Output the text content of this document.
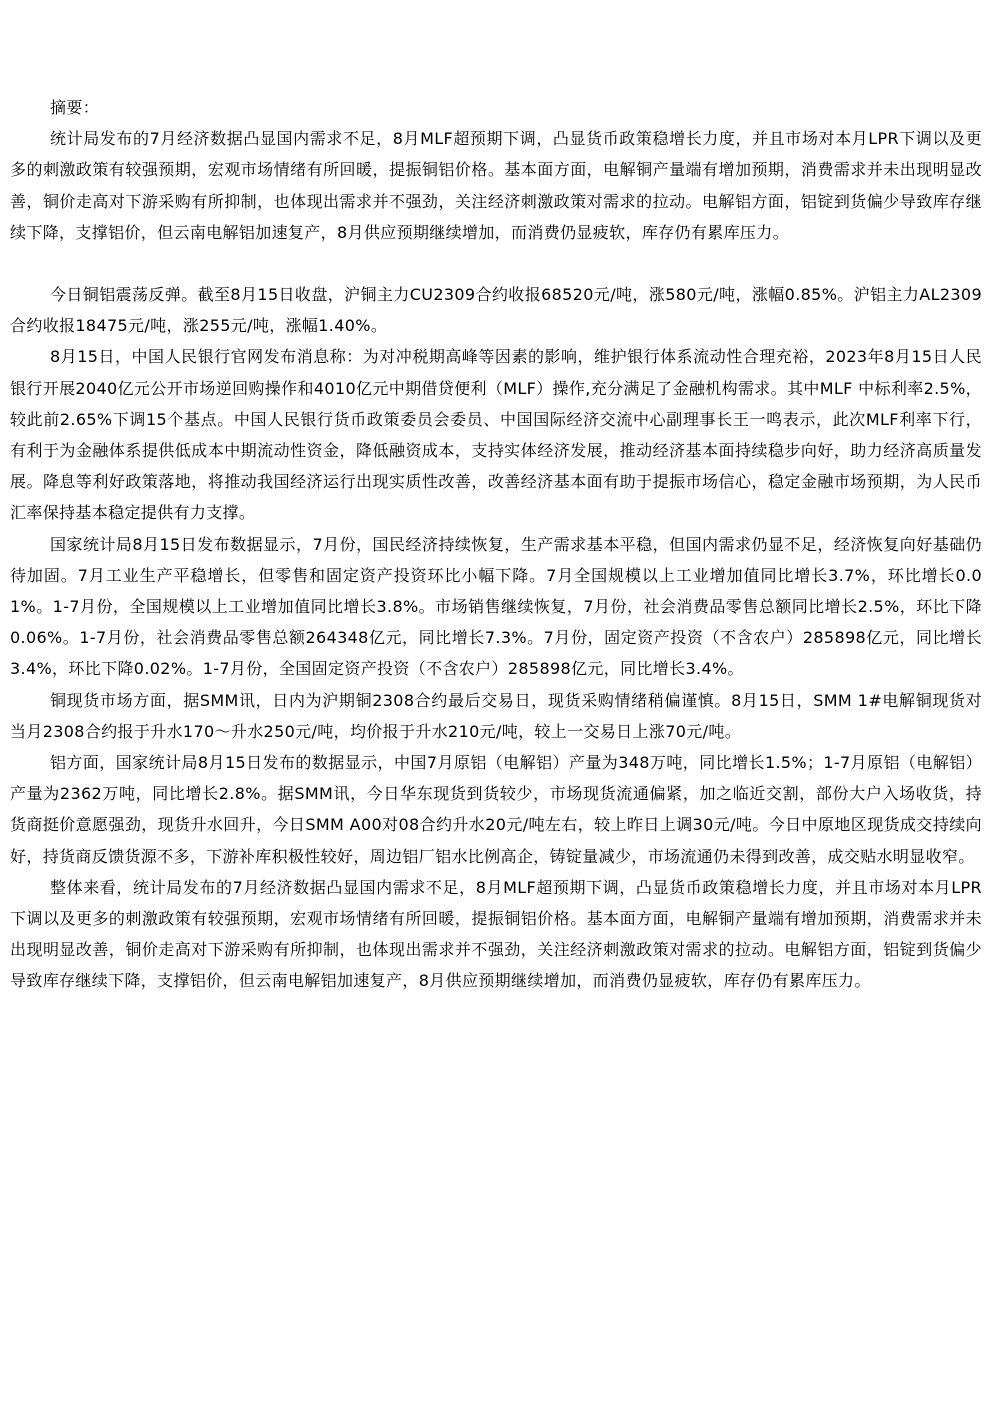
摘要：

统计局发布的7月经济数据凸显国内需求不足，8月MLF超预期下调，凸显货币政策稳增长力度，并且市场对本月LPR下调以及更多的刺激政策有较强预期，宏观市场情绪有所回暖，提振铜铝价格。基本面方面，电解铜产量端有增加预期，消费需求并未出现明显改善，铜价走高对下游采购有所抑制，也体现出需求并不强劲，关注经济刺激政策对需求的拉动。电解铝方面，铝锭到货偏少导致库存继续下降，支撑铝价，但云南电解铝加速复产，8月供应预期继续增加，而消费仍显疲软，库存仍有累库压力。

今日铜铝震荡反弹。截至8月15日收盘，沪铜主力CU2309合约收报68520元/吨，涨580元/吨，涨幅0.85%。沪铝主力AL2309合约收报18475元/吨，涨255元/吨，涨幅1.40%。

8月15日，中国人民银行官网发布消息称：为对冲税期高峰等因素的影响，维护银行体系流动性合理充裕，2023年8月15日人民银行开展2040亿元公开市场逆回购操作和4010亿元中期借贷便利（MLF）操作,充分满足了金融机构需求。其中MLF 中标利率2.5%，较此前2.65%下调15个基点。中国人民银行货币政策委员会委员、中国国际经济交流中心副理事长王一鸣表示，此次MLF利率下行，有利于为金融体系提供低成本中期流动性资金，降低融资成本，支持实体经济发展，推动经济基本面持续稳步向好，助力经济高质量发展。降息等利好政策落地，将推动我国经济运行出现实质性改善，改善经济基本面有助于提振市场信心，稳定金融市场预期，为人民币汇率保持基本稳定提供有力支撑。

国家统计局8月15日发布数据显示，7月份，国民经济持续恢复，生产需求基本平稳，但国内需求仍显不足，经济恢复向好基础仍待加固。7月工业生产平稳增长，但零售和固定资产投资环比小幅下降。7月全国规模以上工业增加值同比增长3.7%，环比增长0.01%。1-7月份，全国规模以上工业增加值同比增长3.8%。市场销售继续恢复，7月份，社会消费品零售总额同比增长2.5%，环比下降0.06%。1-7月份，社会消费品零售总额264348亿元，同比增长7.3%。7月份，固定资产投资（不含农户）285898亿元，同比增长3.4%，环比下降0.02%。1-7月份，全国固定资产投资（不含农户）285898亿元，同比增长3.4%。

铜现货市场方面，据SMM讯，日内为沪期铜2308合约最后交易日，现货采购情绪稍偏谨慎。8月15日，SMM 1#电解铜现货对当月2308合约报于升水170～升水250元/吨，均价报于升水210元/吨，较上一交易日上涨70元/吨。

铝方面，国家统计局8月15日发布的数据显示，中国7月原铝（电解铝）产量为348万吨，同比增长1.5%；1-7月原铝（电解铝）产量为2362万吨，同比增长2.8%。据SMM讯，今日华东现货到货较少，市场现货流通偏紧，加之临近交割，部份大户入场收货，持货商挺价意愿强劲，现货升水回升，今日SMM A00对08合约升水20元/吨左右，较上昨日上调30元/吨。今日中原地区现货成交持续向好，持货商反馈货源不多，下游补库积极性较好，周边铝厂铝水比例高企，铸锭量减少，市场流通仍未得到改善，成交贴水明显收窄。

整体来看，统计局发布的7月经济数据凸显国内需求不足，8月MLF超预期下调，凸显货币政策稳增长力度，并且市场对本月LPR下调以及更多的刺激政策有较强预期，宏观市场情绪有所回暖，提振铜铝价格。基本面方面，电解铜产量端有增加预期，消费需求并未出现明显改善，铜价走高对下游采购有所抑制，也体现出需求并不强劲，关注经济刺激政策对需求的拉动。电解铝方面，铝锭到货偏少导致库存继续下降，支撑铝价，但云南电解铝加速复产，8月供应预期继续增加，而消费仍显疲软，库存仍有累库压力。
